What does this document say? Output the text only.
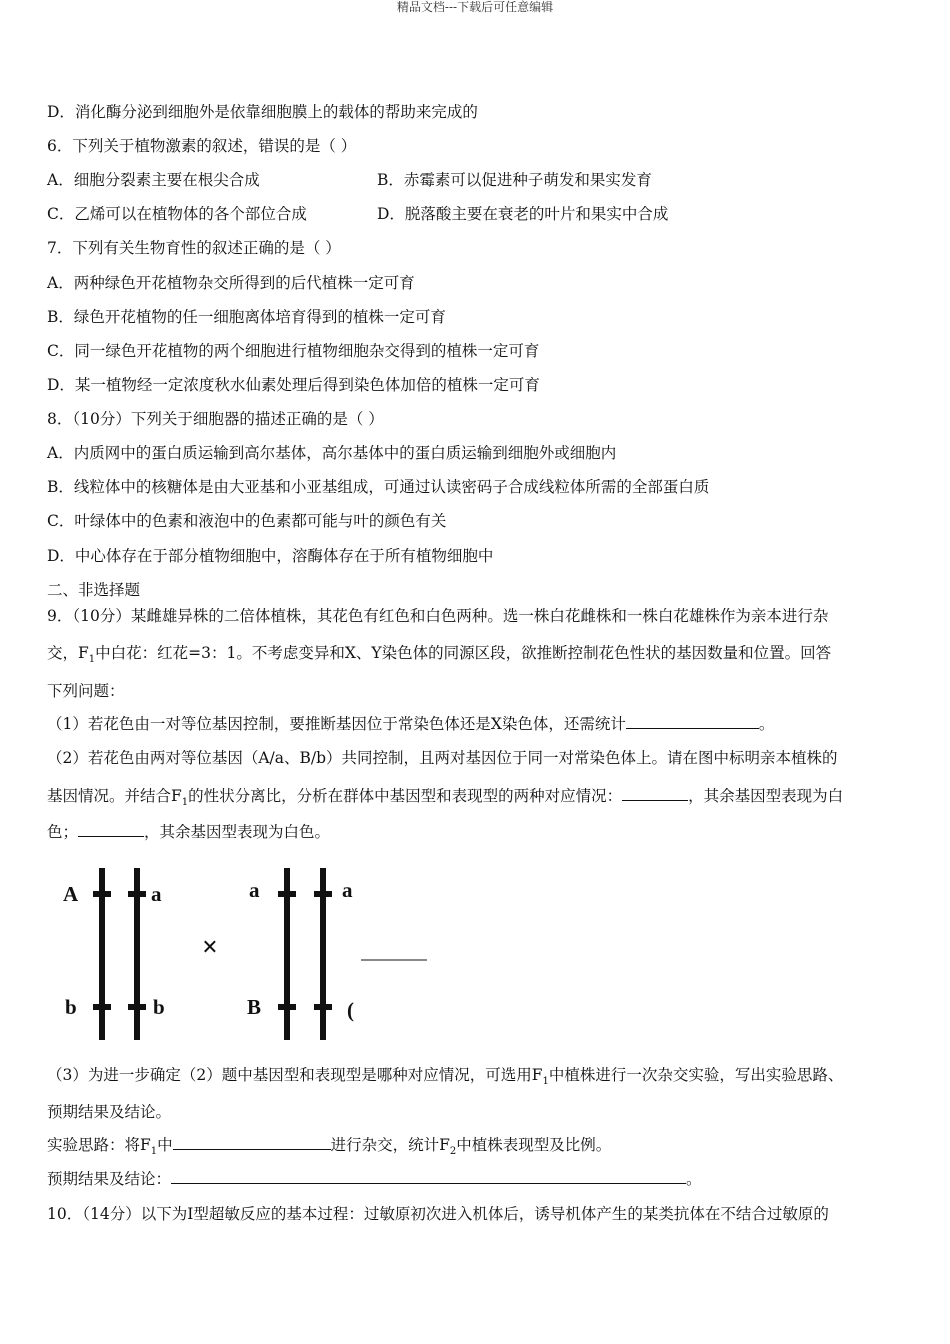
精品文档---下载后可任意编辑
D．消化酶分泌到细胞外是依靠细胞膜上的载体的帮助来完成的
6．下列关于植物激素的叙述，错误的是（ ）
A．细胞分裂素主要在根尖合成	B．赤霉素可以促进种子萌发和果实发育
C．乙烯可以在植物体的各个部位合成	D．脱落酸主要在衰老的叶片和果实中合成
7．下列有关生物育性的叙述正确的是（ ）
A．两种绿色开花植物杂交所得到的后代植株一定可育
B．绿色开花植物的任一细胞离体培育得到的植株一定可育
C．同一绿色开花植物的两个细胞进行植物细胞杂交得到的植株一定可育
D．某一植物经一定浓度秋水仙素处理后得到染色体加倍的植株一定可育
8．（10分）下列关于细胞器的描述正确的是（ ）
A．内质网中的蛋白质运输到高尔基体，高尔基体中的蛋白质运输到细胞外或细胞内
B．线粒体中的核糖体是由大亚基和小亚基组成，可通过认读密码子合成线粒体所需的全部蛋白质
C．叶绿体中的色素和液泡中的色素都可能与叶的颜色有关
D．中心体存在于部分植物细胞中，溶酶体存在于所有植物细胞中
二、非选择题
9．（10分）某雌雄异株的二倍体植株，其花色有红色和白色两种。选一株白花雌株和一株白花雄株作为亲本进行杂
交，$F_1$中白花：红花=3：1。不考虑变异和X、Y染色体的同源区段，欲推断控制花色性状的基因数量和位置。回答
下列问题：
（1）若花色由一对等位基因控制，要推断基因位于常染色体还是X染色体，还需统计	。
（2）若花色由两对等位基因（A/a、B/b）共同控制，且两对基因位于同一对常染色体上。请在图中标明亲本植株的
基因情况。并结合$F_1$的性状分离比，分析在群体中基因型和表现型的两种对应情况：	，其余基因型表现为白
色；	，其余基因型表现为白色。
A	a
b	b
×
a	a
B	(
（3）为进一步确定（2）题中基因型和表现型是哪种对应情况，可选用$F_1$中植株进行一次杂交实验，写出实验思路、
预期结果及结论。
实验思路：将$F_1$中	进行杂交，统计$F_2$中植株表现型及比例。
预期结果及结论：	。
10．（14分）以下为Ⅰ型超敏反应的基本过程：过敏原初次进入机体后，诱导机体产生的某类抗体在不结合过敏原的
